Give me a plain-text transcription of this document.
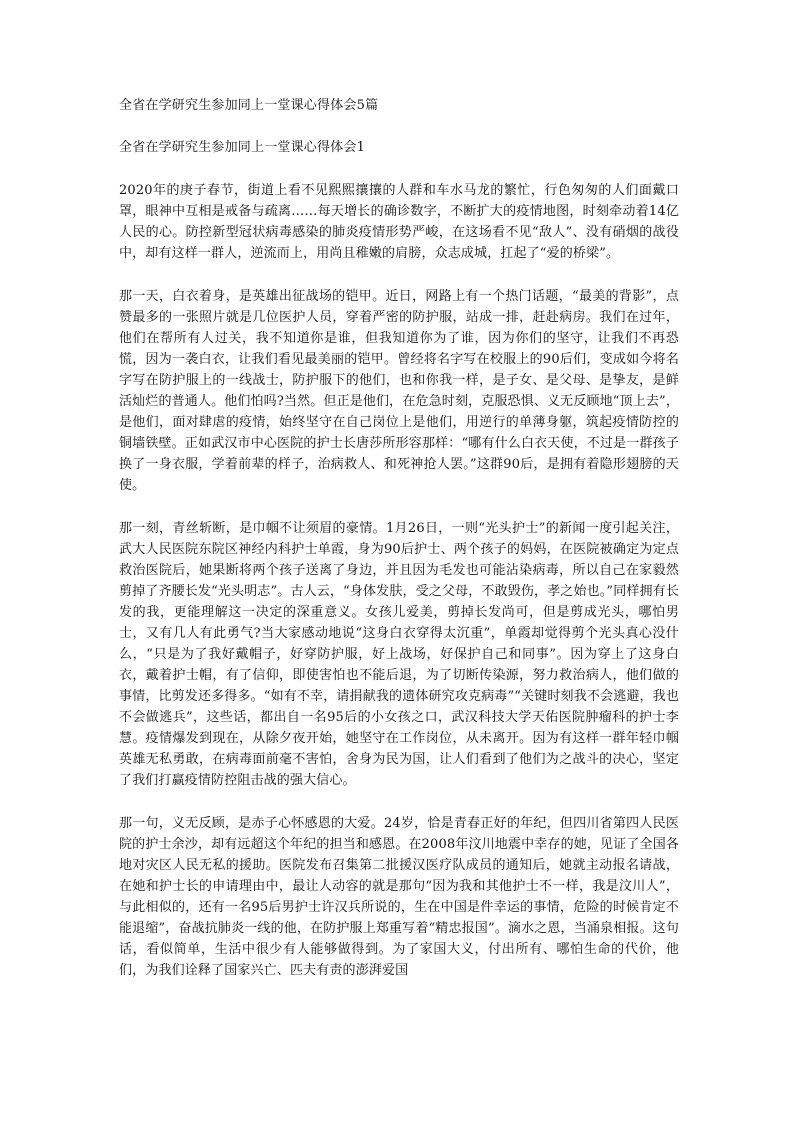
全省在学研究生参加同上一堂课心得体会5篇
全省在学研究生参加同上一堂课心得体会1

2020年的庚子春节，街道上看不见熙熙攘攘的人群和车水马龙的繁忙，行色匆匆的人们面戴口罩，眼神中互相是戒备与疏离……每天增长的确诊数字，不断扩大的疫情地图，时刻牵动着14亿人民的心。防控新型冠状病毒感染的肺炎疫情形势严峻，在这场看不见“敌人”、没有硝烟的战役中，却有这样一群人，逆流而上，用尚且稚嫩的肩膀，众志成城，扛起了“爱的桥梁”。

那一天，白衣着身，是英雄出征战场的铠甲。近日，网路上有一个热门话题，“最美的背影”，点赞最多的一张照片就是几位医护人员，穿着严密的防护服，站成一排，赶赴病房。我们在过年，他们在帮所有人过关，我不知道你是谁，但我知道你为了谁，因为你们的坚守，让我们不再恐慌，因为一袭白衣，让我们看见最美丽的铠甲。曾经将名字写在校服上的90后们，变成如今将名字写在防护服上的一线战士，防护服下的他们，也和你我一样，是子女、是父母、是挚友，是鲜活灿烂的普通人。他们怕吗?当然。但正是他们，在危急时刻，克服恐惧、义无反顾地“顶上去”，是他们，面对肆虐的疫情，始终坚守在自己岗位上是他们，用逆行的单薄身躯，筑起疫情防控的铜墙铁壁。正如武汉市中心医院的护士长唐莎所形容那样：“哪有什么白衣天使，不过是一群孩子换了一身衣服，学着前辈的样子，治病救人、和死神抢人罢。”这群90后，是拥有着隐形翅膀的天使。

那一刻，青丝斩断，是巾帼不让须眉的豪情。1月26日，一则“光头护士”的新闻一度引起关注，武大人民医院东院区神经内科护士单霞，身为90后护士、两个孩子的妈妈，在医院被确定为定点救治医院后，她果断将两个孩子送离了身边，并且因为毛发也可能沾染病毒，所以自己在家毅然剪掉了齐腰长发“光头明志”。古人云，“身体发肤，受之父母，不敢毁伤，孝之始也。”同样拥有长发的我，更能理解这一决定的深重意义。女孩儿爱美，剪掉长发尚可，但是剪成光头，哪怕男士，又有几人有此勇气?当大家感动地说“这身白衣穿得太沉重”，单霞却觉得剪个光头真心没什么，“只是为了我好戴帽子，好穿防护服，好上战场，好保护自己和同事”。因为穿上了这身白衣，戴着护士帽，有了信仰，即使害怕也不能后退，为了切断传染源，努力救治病人，他们做的事情，比剪发还多得多。“如有不幸，请捐献我的遗体研究攻克病毒”“关键时刻我不会逃避，我也不会做逃兵”，这些话，都出自一名95后的小女孩之口，武汉科技大学天佑医院肿瘤科的护士李慧。疫情爆发到现在，从除夕夜开始，她坚守在工作岗位，从未离开。因为有这样一群年轻巾帼英雄无私勇敢，在病毒面前毫不害怕，舍身为民为国，让人们看到了他们为之战斗的决心，坚定了我们打赢疫情防控阻击战的强大信心。

那一句，义无反顾，是赤子心怀感恩的大爱。24岁，恰是青春正好的年纪，但四川省第四人民医院的护士余沙，却有远超这个年纪的担当和感恩。在2008年汶川地震中幸存的她，见证了全国各地对灾区人民无私的援助。医院发布召集第二批援汉医疗队成员的通知后，她就主动报名请战，在她和护士长的申请理由中，最让人动容的就是那句“因为我和其他护士不一样，我是汶川人”，与此相似的，还有一名95后男护士许汉兵所说的，生在中国是件幸运的事情，危险的时候肯定不能退缩”，奋战抗肺炎一线的他，在防护服上郑重写着“精忠报国”。滴水之恩，当涌泉相报。这句话，看似简单，生活中很少有人能够做得到。为了家国大义，付出所有、哪怕生命的代价，他们，为我们诠释了国家兴亡、匹夫有责的澎湃爱国
